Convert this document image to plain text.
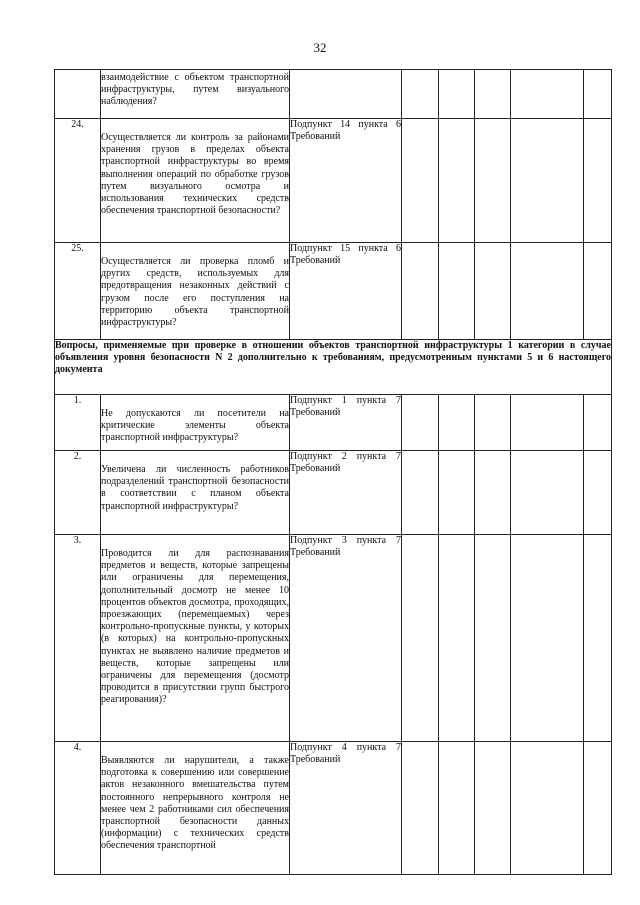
32
	взаимодействие с объектом транспортной инфраструктуры, путем визуального наблюдения?						
24.	Осуществляется ли контроль за районами хранения грузов в пределах объекта транспортной инфраструктуры во время выполнения операций по обработке грузов путем визуального осмотра и использования технических средств обеспечения транспортной безопасности?	Подпункт 14 пункта 6 Требований					
25.	Осуществляется ли проверка пломб и других средств, используемых для предотвращения незаконных действий с грузом после его поступления на территорию объекта транспортной инфраструктуры?	Подпункт 15 пункта 6 Требований					
Вопросы, применяемые при проверке в отношении объектов транспортной инфраструктуры 1 категории в случае объявления уровня безопасности N 2 дополнительно к требованиям, предусмотренным пунктами 5 и 6 настоящего документа							
1.	Не допускаются ли посетители на критические элементы объекта транспортной инфраструктуры?	Подпункт 1 пункта 7 Требований					
2.	Увеличена ли численность работников подразделений транспортной безопасности в соответствии с планом объекта транспортной инфраструктуры?	Подпункт 2 пункта 7 Требований					
3.	Проводится ли для распознавания предметов и веществ, которые запрещены или ограничены для перемещения, дополнительный досмотр не менее 10 процентов объектов досмотра, проходящих, проезжающих (перемещаемых) через контрольно-пропускные пункты, у которых (в которых) на контрольно-пропускных пунктах не выявлено наличие предметов и веществ, которые запрещены или ограничены для перемещения (досмотр проводится в присутствии групп быстрого реагирования)?	Подпункт 3 пункта 7 Требований					
4.	Выявляются ли нарушители, а также подготовка к совершению или совершение актов незаконного вмешательства путем постоянного непрерывного контроля не менее чем 2 работниками сил обеспечения транспортной безопасности данных (информации) с технических средств обеспечения транспортной	Подпункт 4 пункта 7 Требований					
